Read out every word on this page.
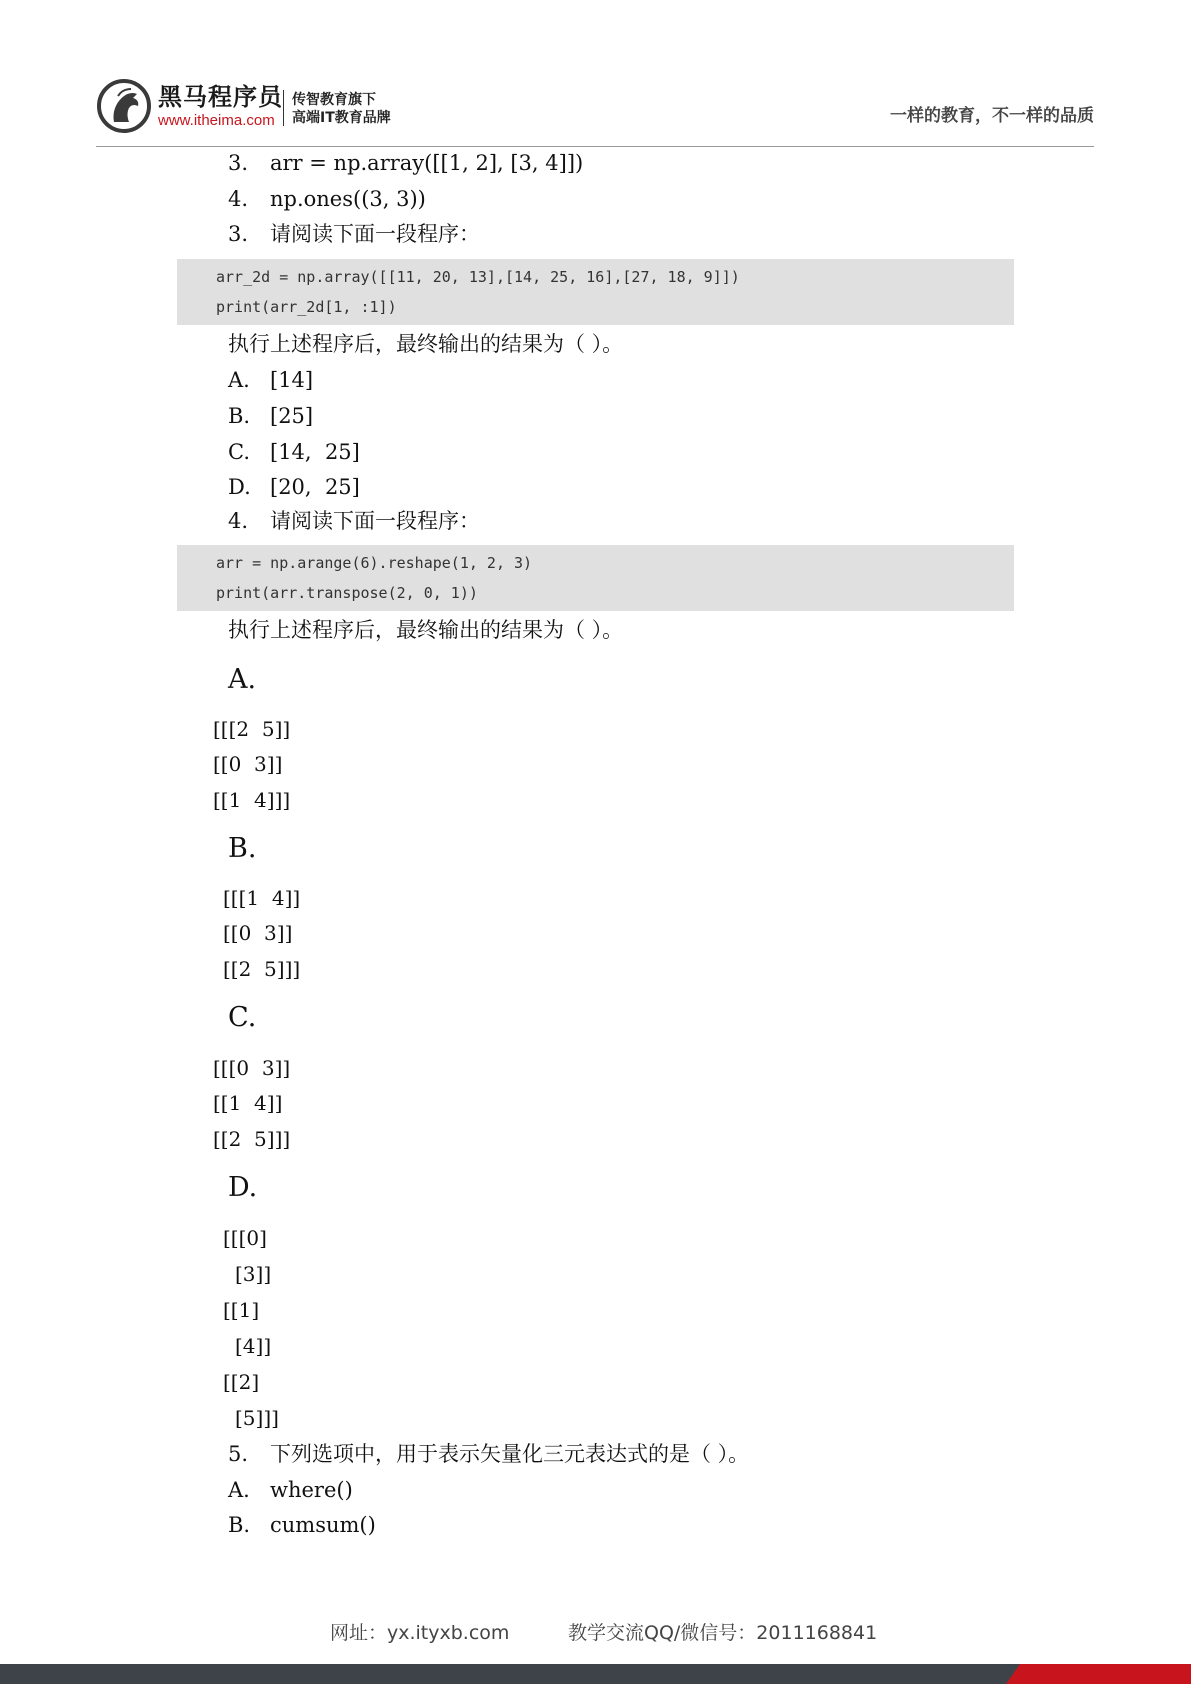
黑马程序员
www.itheima.com
传智教育旗下
高端IT教育品牌	一样的教育，不一样的品质
3. arr = np.array([[1, 2], [3, 4]])
4. np.ones((3, 3))
3. 请阅读下面一段程序：
arr_2d = np.array([[11, 20, 13],[14, 25, 16],[27, 18, 9]])
print(arr_2d[1, :1])
执行上述程序后，最终输出的结果为（ ）。
A. [14]
B. [25]
C. [14,  25]
D. [20,  25]
4. 请阅读下面一段程序：
arr = np.arange(6).reshape(1, 2, 3)
print(arr.transpose(2, 0, 1))
执行上述程序后，最终输出的结果为（ ）。
A.
[[[2  5]]
[[0  3]]
[[1  4]]]
B.
[[[1  4]]
[[0  3]]
[[2  5]]]
C.
[[[0  3]]
[[1  4]]
[[2  5]]]
D.
[[[0]
[3]]
[[1]
[4]]
[[2]
[5]]]
5. 下列选项中，用于表示矢量化三元表达式的是（ ）。
A. where()
B. cumsum()
网址：yx.ityxb.com	教学交流QQ/微信号：2011168841
